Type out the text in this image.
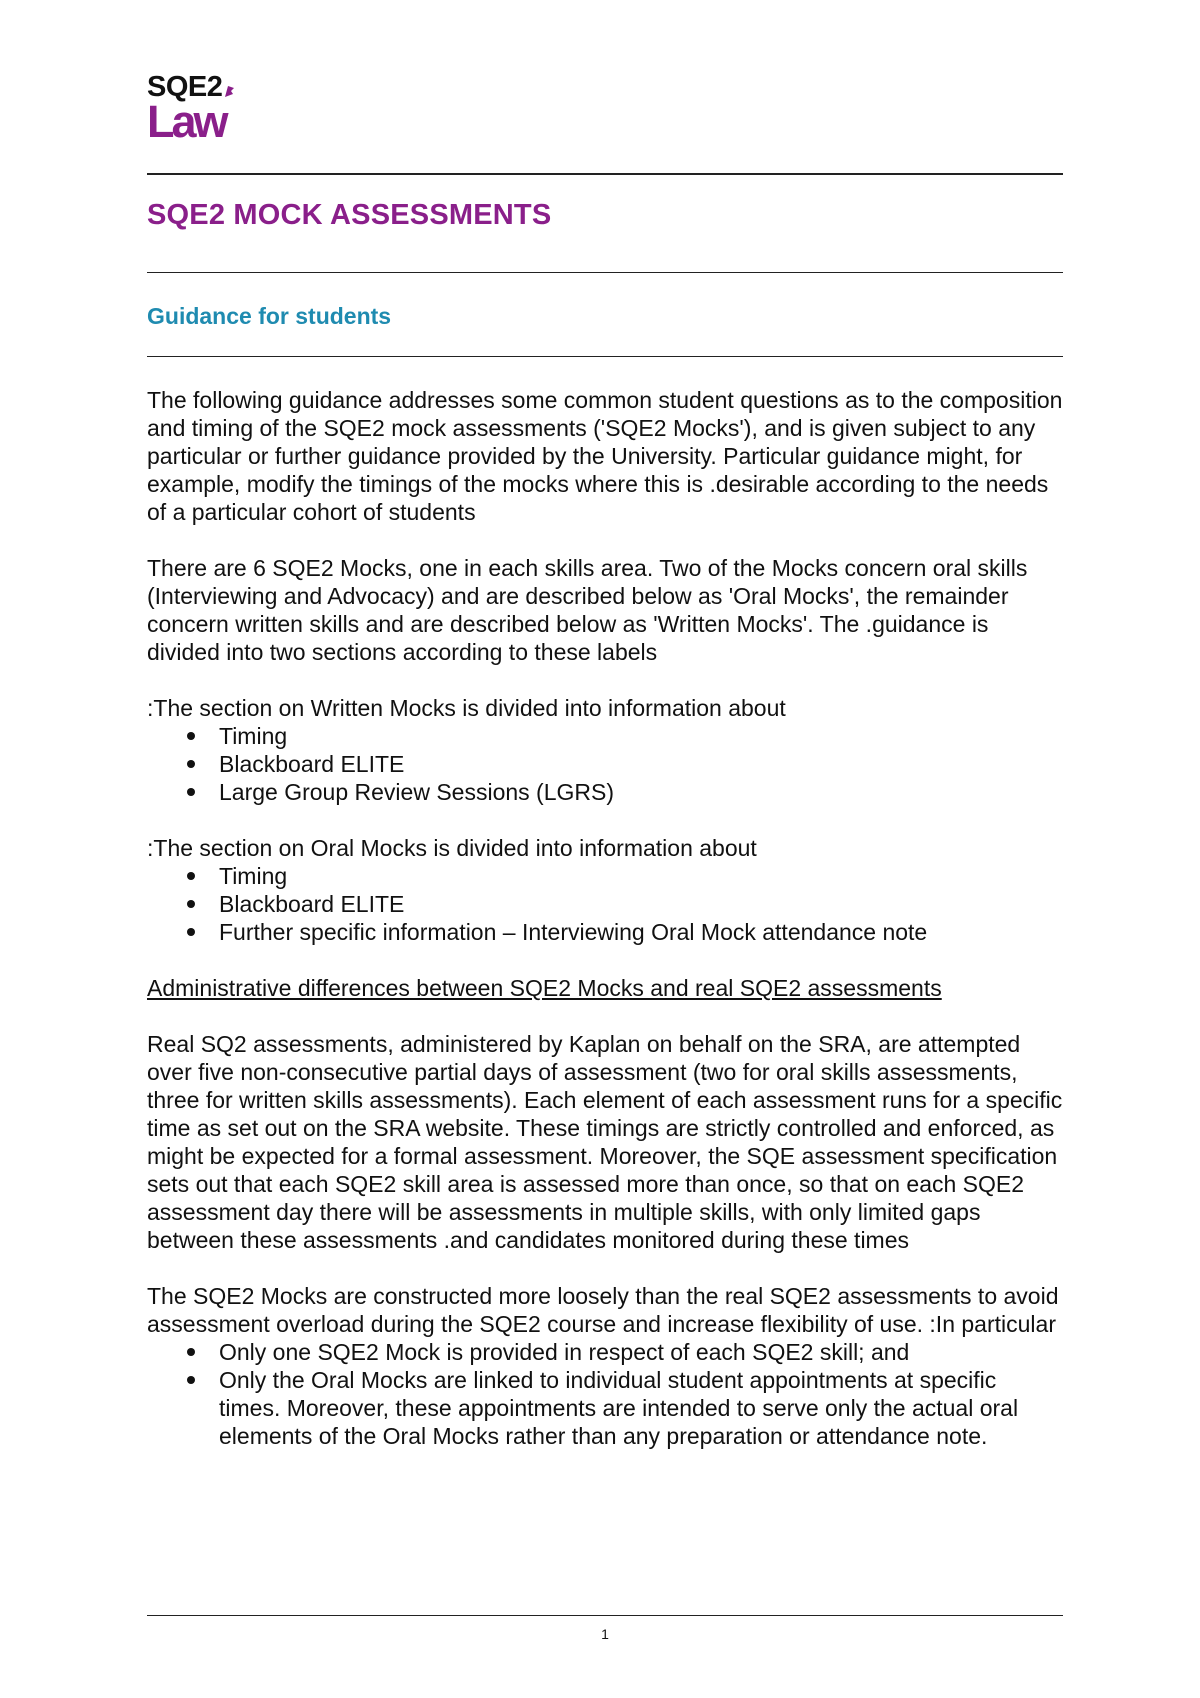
SQE2
Law
SQE2 MOCK ASSESSMENTS
Guidance for students

The following guidance addresses some common student questions as to the composition and timing of the SQE2 mock assessments ('SQE2 Mocks'), and is given subject to any particular or further guidance provided by the University. Particular guidance might, for example, modify the timings of the mocks where this is .desirable according to the needs of a particular cohort of students

There are 6 SQE2 Mocks, one in each skills area. Two of the Mocks concern oral skills (Interviewing and Advocacy) and are described below as 'Oral Mocks', the remainder concern written skills and are described below as 'Written Mocks'. The .guidance is divided into two sections according to these labels

:The section on Written Mocks is divided into information about

Timing
Blackboard ELITE
Large Group Review Sessions (LGRS)

:The section on Oral Mocks is divided into information about

Timing
Blackboard ELITE
Further specific information – Interviewing Oral Mock attendance note

Administrative differences between SQE2 Mocks and real SQE2 assessments

Real SQ2 assessments, administered by Kaplan on behalf on the SRA, are attempted over five non-consecutive partial days of assessment (two for oral skills assessments, three for written skills assessments). Each element of each assessment runs for a specific time as set out on the SRA website. These timings are strictly controlled and enforced, as might be expected for a formal assessment. Moreover, the SQE assessment specification sets out that each SQE2 skill area is assessed more than once, so that on each SQE2 assessment day there will be assessments in multiple skills, with only limited gaps between these assessments .and candidates monitored during these times

The SQE2 Mocks are constructed more loosely than the real SQE2 assessments to avoid assessment overload during the SQE2 course and increase flexibility of use. :In particular

Only one SQE2 Mock is provided in respect of each SQE2 skill; and
Only the Oral Mocks are linked to individual student appointments at specific times. Moreover, these appointments are intended to serve only the actual oral elements of the Oral Mocks rather than any preparation or attendance note.
1
